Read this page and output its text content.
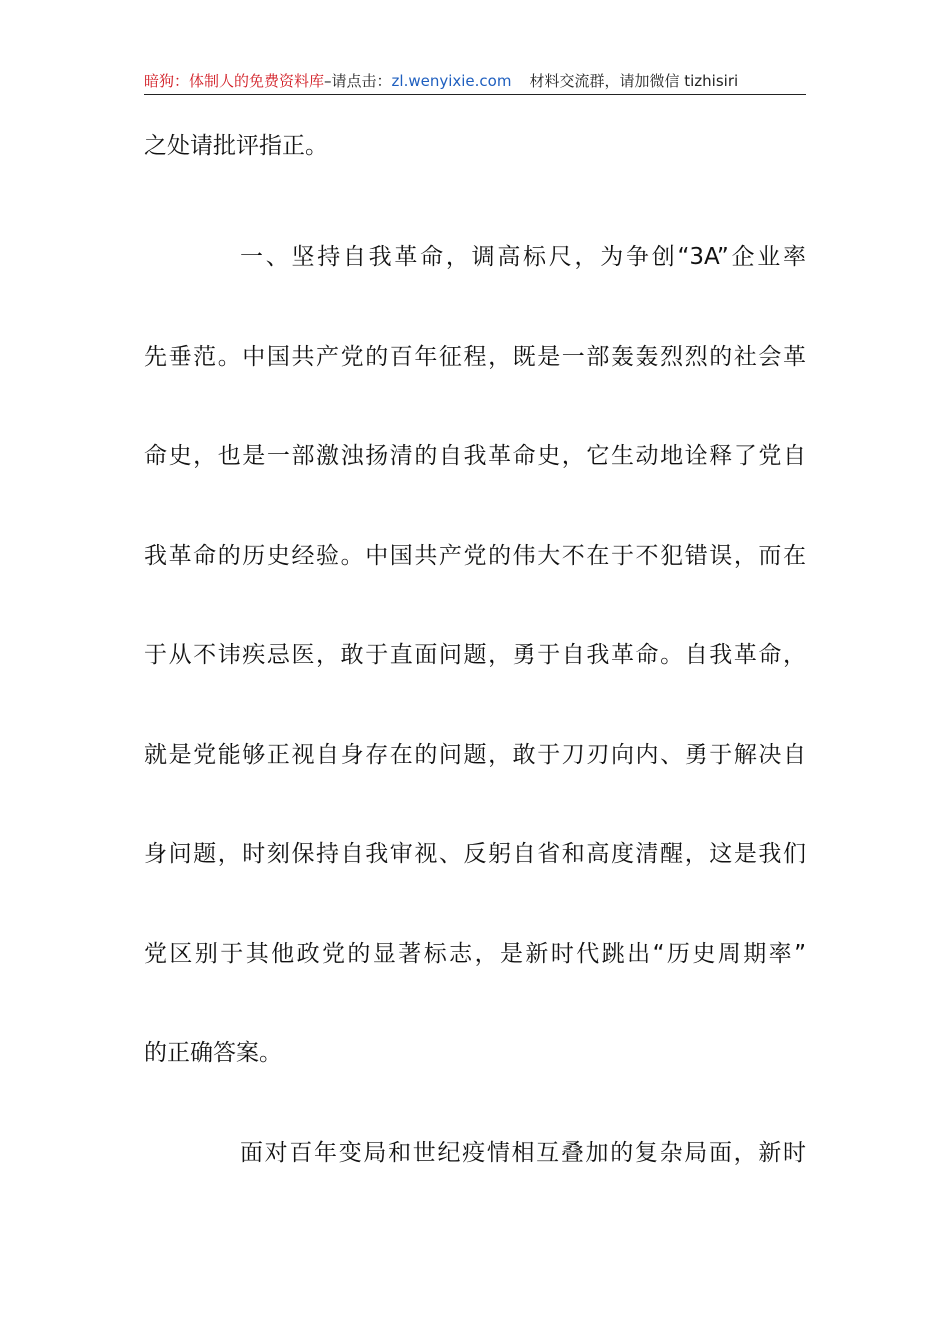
暗狗：体制人的免费资料库–请点击：zl.wenyixie.com 材料交流群，请加微信 tizhisiri
之处请批评指正。
一、坚持自我革命，调高标尺，为争创“3A”企业率
先垂范。中国共产党的百年征程，既是一部轰轰烈烈的社会革
命史，也是一部激浊扬清的自我革命史，它生动地诠释了党自
我革命的历史经验。中国共产党的伟大不在于不犯错误，而在
于从不讳疾忌医，敢于直面问题，勇于自我革命。自我革命，
就是党能够正视自身存在的问题，敢于刀刃向内、勇于解决自
身问题，时刻保持自我审视、反躬自省和高度清醒，这是我们
党区别于其他政党的显著标志，是新时代跳出“历史周期率”
的正确答案。
面对百年变局和世纪疫情相互叠加的复杂局面，新时
